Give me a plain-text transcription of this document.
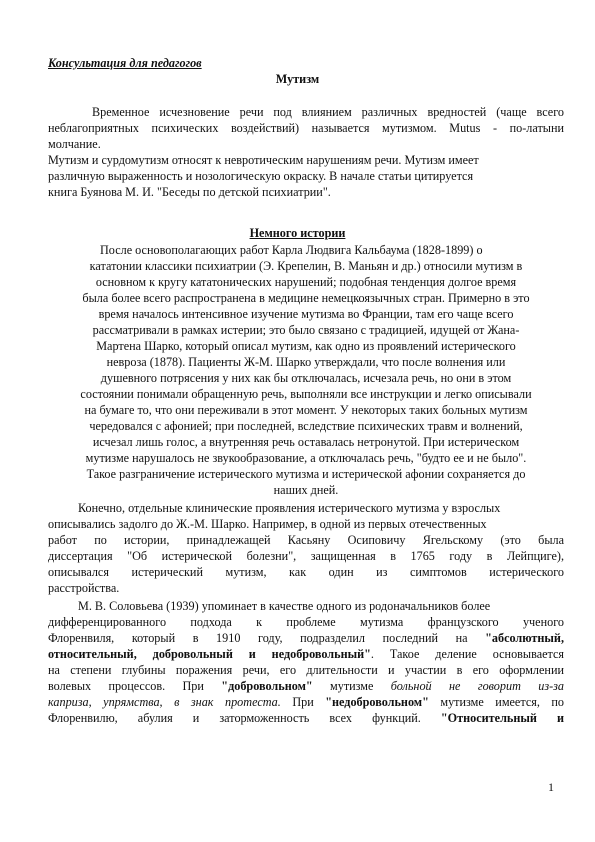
Консультация для педагогов
Мутизм
Временное исчезновение речи под влиянием различных вредностей (чаще всего
неблагоприятных психических воздействий) называется мутизмом. Mutus - по-латыни
молчание.
Мутизм и сурдомутизм относят к невротическим нарушениям речи. Мутизм имеет
различную выраженность и нозологическую окраску. В начале статьи цитируется
книга Буянова М. И. "Беседы по детской психиатрии".
Немного истории
После основополагающих работ Карла Людвига Кальбаума (1828-1899) о
кататонии классики психиатрии (Э. Крепелин, В. Маньян и др.) относили мутизм в
основном к кругу кататонических нарушений; подобная тенденция долгое время
была более всего распространена в медицине немецкоязычных стран. Примерно в это
время началось интенсивное изучение мутизма во Франции, там его чаще всего
рассматривали в рамках истерии; это было связано с традицией, идущей от Жана-
Мартена Шарко, который описал мутизм, как одно из проявлений истерического
невроза (1878). Пациенты Ж-М. Шарко утверждали, что после волнения или
душевного потрясения у них как бы отключалась, исчезала речь, но они в этом
состоянии понимали обращенную речь, выполняли все инструкции и легко описывали
на бумаге то, что они переживали в этот момент. У некоторых таких больных мутизм
чередовался с афонией; при последней, вследствие психических травм и волнений,
исчезал лишь голос, а внутренняя речь оставалась нетронутой. При истерическом
мутизме нарушалось не звукообразование, а отключалась речь, "будто ее и не было".
Такое разграничение истерического мутизма и истерической афонии сохраняется до
наших дней.
Конечно, отдельные клинические проявления истерического мутизма у взрослых
описывались задолго до Ж.-М. Шарко. Например, в одной из первых отечественных
работ по истории, принадлежащей Касьяну Осиповичу Ягельскому (это была
диссертация "Об истерической болезни", защищенная в 1765 году в Лейпциге),
описывался истерический мутизм, как один из симптомов истерического
расстройства.
М. В. Соловьева (1939) упоминает в качестве одного из родоначальников более
дифференцированного подхода к проблеме мутизма французского ученого
Флоренвиля, который в 1910 году, подразделил последний на "абсолютный,
относительный, добровольный и недобровольный". Такое деление основывается
на степени глубины поражения речи, его длительности и участии в его оформлении
волевых процессов. При "добровольном" мутизме больной не говорит из-за
каприза, упрямства, в знак протеста. При "недобровольном" мутизме имеется, по
Флоренвилю, абулия и заторможенность всех функций. "Относительный и
1
